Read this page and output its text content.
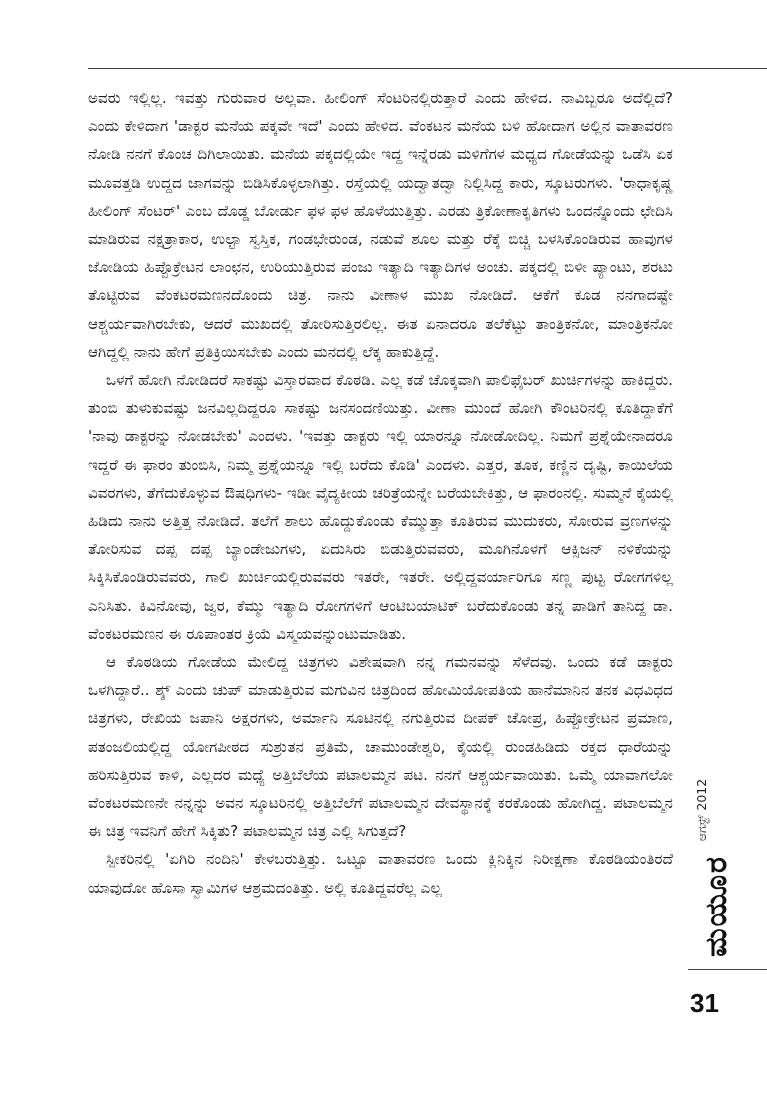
ಅವರು ಇಲ್ಲಿಲ್ಲ. ಇವತ್ತು ಗುರುವಾರ ಅಲ್ಲವಾ. ಹೀಲಿಂಗ್ ಸೆಂಟರಿನಲ್ಲಿರುತ್ತಾರೆ ಎಂದು ಹೇಳಿದ. ನಾವಿಬ್ಬರೂ ಅದೆಲ್ಲಿದೆ? ಎಂದು ಕೇಳಿದಾಗ 'ಡಾಕ್ಟರ ಮನೆಯ ಪಕ್ಕವೇ ಇದೆ' ಎಂದು ಹೇಳಿದ. ವೆಂಕಟನ ಮನೆಯ ಬಳಿ ಹೋದಾಗ ಅಲ್ಲಿನ ವಾತಾವರಣ ನೋಡಿ ನನಗೆ ಕೊಂಚ ದಿಗಿಲಾಯಿತು. ಮನೆಯ ಪಕ್ಕದಲ್ಲಿಯೇ ಇದ್ದ ಇನ್ನೆರಡು ಮಳಿಗೆಗಳ ಮಧ್ಯದ ಗೋಡೆಯನ್ನು ಒಡೆಸಿ ಏಕ ಮೂವತ್ತಡಿ ಉದ್ದದ ಜಾಗವನ್ನು ಬಿಡಿಸಿಕೊಳ್ಳಲಾಗಿತ್ತು. ರಸ್ತೆಯಲ್ಲಿ ಯದ್ವಾತದ್ವಾ ನಿಲ್ಲಿಸಿದ್ದ ಕಾರು, ಸ್ಕೂಟರುಗಳು. 'ರಾಧಾಕೃಷ್ಣ ಹೀಲಿಂಗ್ ಸೆಂಟರ್' ಎಂಬ ದೊಡ್ಡ ಬೋರ್ಡು ಫಳ ಫಳ ಹೊಳೆಯುತ್ತಿತ್ತು. ಎರಡು ತ್ರಿಕೋಣಾಕೃತಿಗಳು ಒಂದನ್ನೊಂದು ಛೇದಿಸಿ ಮಾಡಿರುವ ನಕ್ಷತ್ರಾಕಾರ, ಉಲ್ಟಾ ಸ್ವಸ್ತಿಕ, ಗಂಡಭೇರುಂಡ, ನಡುವೆ ಶೂಲ ಮತ್ತು ರೆಕ್ಕೆ ಬಿಚ್ಚಿ ಬಳಸಿಕೊಂಡಿರುವ ಹಾವುಗಳ ಜೋಡಿಯ ಹಿಪ್ಪೊಕ್ರೇಟನ ಲಾಂಛನ, ಉರಿಯುತ್ತಿರುವ ಪಂಜು ಇತ್ಯಾದಿ ಇತ್ಯಾದಿಗಳ ಅಂಚು. ಪಕ್ಕದಲ್ಲಿ ಬಿಳೀ ಪ್ಯಾಂಟು, ಶರಟು ತೊಟ್ಟಿರುವ ವೆಂಕಟರಮಣನದೊಂದು ಚಿತ್ರ. ನಾನು ವೀಣಾಳ ಮುಖ ನೋಡಿದೆ. ಆಕೆಗೆ ಕೂಡ ನನಗಾದಷ್ಟೇ ಆಶ್ಚರ್ಯವಾಗಿರಬೇಕು, ಆದರೆ ಮುಖದಲ್ಲಿ ತೋರಿಸುತ್ತಿರಲಿಲ್ಲ. ಈತ ಏನಾದರೂ ತಲೆಕೆಟ್ಟು ತಾಂತ್ರಿಕನೋ, ಮಾಂತ್ರಿಕನೋ ಆಗಿದ್ದಲ್ಲಿ ನಾನು ಹೇಗೆ ಪ್ರತಿಕ್ರಿಯಿಸಬೇಕು ಎಂದು ಮನದಲ್ಲಿ ಲೆಕ್ಕ ಹಾಕುತ್ತಿದ್ದೆ.

ಒಳಗೆ ಹೋಗಿ ನೋಡಿದರೆ ಸಾಕಷ್ಟು ವಿಸ್ತಾರವಾದ ಕೊಠಡಿ. ಎಲ್ಲ ಕಡೆ ಚೊಕ್ಕವಾಗಿ ಪಾಲಿಫೈಬರ್ ಖುರ್ಚಿಗಳನ್ನು ಹಾಕಿದ್ದರು. ತುಂಬಿ ತುಳುಕುವಷ್ಟು ಜನವಿಲ್ಲದಿದ್ದರೂ ಸಾಕಷ್ಟು ಜನಸಂದಣಿಯಿತ್ತು. ವೀಣಾ ಮುಂದೆ ಹೋಗಿ ಕೌಂಟರಿನಲ್ಲಿ ಕೂತಿದ್ದಾಕೆಗೆ 'ನಾವು ಡಾಕ್ಟರನ್ನು ನೋಡಬೇಕು' ಎಂದಳು. 'ಇವತ್ತು ಡಾಕ್ಟರು ಇಲ್ಲಿ ಯಾರನ್ನೂ ನೋಡೋದಿಲ್ಲ. ನಿಮಗೆ ಪ್ರಶ್ನೆಯೇನಾದರೂ ಇದ್ದರೆ ಈ ಫಾರಂ ತುಂಬಿಸಿ, ನಿಮ್ಮ ಪ್ರಶ್ನೆಯನ್ನೂ ಇಲ್ಲಿ ಬರೆದು ಕೊಡಿ' ಎಂದಳು. ಎತ್ತರ, ತೂಕ, ಕಣ್ಣಿನ ದೃಷ್ಟಿ, ಕಾಯಿಲೆಯ ವಿವರಗಳು, ತೆಗೆದುಕೊಳ್ಳುವ ಔಷಧಿಗಳು- ಇಡೀ ವೈದ್ಯಕೀಯ ಚರಿತ್ರೆಯನ್ನೇ ಬರೆಯಬೇಕಿತ್ತು, ಆ ಫಾರಂನಲ್ಲಿ. ಸುಮ್ಮನೆ ಕೈಯಲ್ಲಿ ಹಿಡಿದು ನಾನು ಅತ್ತಿತ್ತ ನೋಡಿದೆ. ತಲೆಗೆ ಶಾಲು ಹೊದ್ದುಕೊಂಡು ಕೆಮ್ಮುತ್ತಾ ಕೂತಿರುವ ಮುದುಕರು, ಸೋರುವ ವ್ರಣಗಳನ್ನು ತೋರಿಸುವ ದಪ್ಪ ದಪ್ಪ ಬ್ಯಾಂಡೇಜುಗಳು, ಏದುಸಿರು ಬಿಡುತ್ತಿರುವವರು, ಮೂಗಿನೊಳಗೆ ಆಕ್ಸಿಜನ್ ನಳಿಕೆಯನ್ನು ಸಿಕ್ಕಿಸಿಕೊಂಡಿರುವವರು, ಗಾಲಿ ಖುರ್ಚಿಯಲ್ಲಿರುವವರು ಇತರೇ, ಇತರೇ. ಅಲ್ಲಿದ್ದವರ್ಯಾರಿಗೂ ಸಣ್ಣ ಪುಟ್ಟ ರೋಗಗಳಿಲ್ಲ ಎನಿಸಿತು. ಕಿವಿನೋವು, ಜ್ವರ, ಕೆಮ್ಮು ಇತ್ಯಾದಿ ರೋಗಗಳಿಗೆ ಆಂಟಿಬಯಾಟಿಕ್ ಬರೆದುಕೊಂಡು ತನ್ನ ಪಾಡಿಗೆ ತಾನಿದ್ದ ಡಾ. ವೆಂಕಟರಮಣನ ಈ ರೂಪಾಂತರ ಕ್ರಿಯೆ ವಿಸ್ಮಯವನ್ನುಂಟುಮಾಡಿತು.

ಆ ಕೊಠಡಿಯ ಗೋಡೆಯ ಮೇಲಿದ್ದ ಚಿತ್ರಗಳು ವಿಶೇಷವಾಗಿ ನನ್ನ ಗಮನವನ್ನು ಸೆಳೆದವು. ಒಂದು ಕಡೆ ಡಾಕ್ಟರು ಒಳಗಿದ್ದಾರೆ.. ಶ್ಶ್ ಎಂದು ಚುಪ್ ಮಾಡುತ್ತಿರುವ ಮಗುವಿನ ಚಿತ್ರದಿಂದ ಹೋಮಿಯೋಪತಿಯ ಹಾನೆಮಾನಿನ ತನಕ ವಿಧವಿಧದ ಚಿತ್ರಗಳು, ರೇಖಿಯ ಜಪಾನಿ ಅಕ್ಷರಗಳು, ಅರ್ಮಾನಿ ಸೂಟಿನಲ್ಲಿ ನಗುತ್ತಿರುವ ದೀಪಕ್ ಚೋಪ್ರ, ಹಿಪ್ಪೋಕ್ರೇಟನ ಪ್ರಮಾಣ, ಪತಂಜಲಿಯಲ್ಲಿದ್ದ ಯೋಗಪೀಠದ ಸುಶ್ರುತನ ಪ್ರತಿಮೆ, ಚಾಮುಂಡೇಶ್ವರಿ, ಕೈಯಲ್ಲಿ ರುಂಡಹಿಡಿದು ರಕ್ತದ ಧಾರೆಯನ್ನು ಹರಿಸುತ್ತಿರುವ ಕಾಳಿ, ಎಲ್ಲದರ ಮಧ್ಯೆ ಅತ್ತಿಬೆಲೆಯ ಪಟಾಲಮ್ಮನ ಪಟ. ನನಗೆ ಆಶ್ಚರ್ಯವಾಯಿತು. ಒಮ್ಮೆ ಯಾವಾಗಲೋ ವೆಂಕಟರಮಣನೇ ನನ್ನನ್ನು ಅವನ ಸ್ಕೂಟರಿನಲ್ಲಿ ಅತ್ತಿಬೆಲೆಗೆ ಪಟಾಲಮ್ಮನ ದೇವಸ್ಥಾನಕ್ಕೆ ಕರಕೊಂಡು ಹೋಗಿದ್ದ. ಪಟಾಲಮ್ಮನ ಈ ಚಿತ್ರ ಇವನಿಗೆ ಹೇಗೆ ಸಿಕ್ಕಿತು? ಪಟಾಲಮ್ಮನ ಚಿತ್ರ ಎಲ್ಲಿ ಸಿಗುತ್ತದೆ?

ಸ್ಪೀಕರಿನಲ್ಲಿ 'ಏಗಿರಿ ನಂದಿನಿ' ಕೇಳಬರುತ್ತಿತ್ತು. ಒಟ್ಟೂ ವಾತಾವರಣ ಒಂದು ಕ್ಲಿನಿಕ್ಕಿನ ನಿರೀಕ್ಷಣಾ ಕೊಠಡಿಯಂತಿರದೆ ಯಾವುದೋ ಹೊಸಾ ಸ್ವಾಮಿಗಳ ಆಶ್ರಮದಂತಿತ್ತು. ಅಲ್ಲಿ ಕೂತಿದ್ದವರೆಲ್ಲ ಎಲ್ಲ

ಆಗಸ್ಟ್ 2012
ಮಯೂರ
31
